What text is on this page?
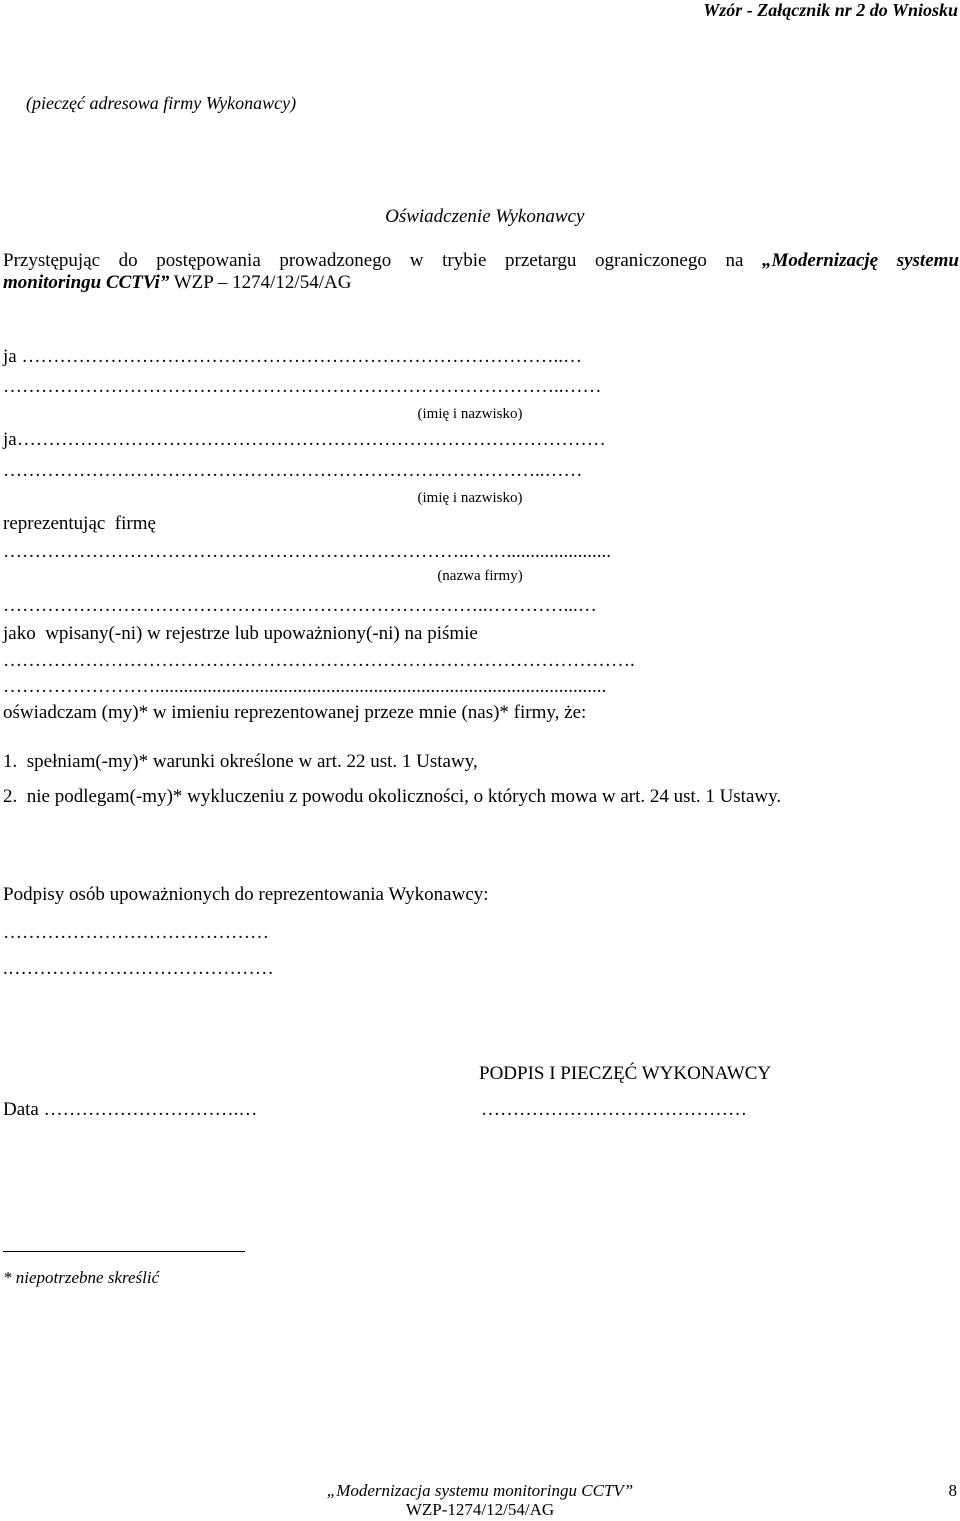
Wzór - Załącznik nr 2 do Wniosku
(pieczęć adresowa firmy Wykonawcy)

Oświadczenie Wykonawcy

Przystępując do postępowania prowadzonego w trybie przetargu ograniczonego na „Modernizację systemu
monitoringu CCTVi” WZP – 1274/12/54/AG
ja …………………………………………………………………………..…
……………………………………………………………………………..……
(imię i nazwisko)
ja…………………………………………………………………………………
…………………………………………………………………………..……
(imię i nazwisko)
reprezentując  firmę
………………………………………………………………..……......................
(nazwa firmy)
…………………………………………………………………..…………...…
jako  wpisany(-ni) w rejestrze lub upoważniony(-ni) na piśmie
……………………………………………………………………………………….
……………………...............................................................................................
oświadczam (my)* w imieniu reprezentowanej przeze mnie (nas)* firmy, że:
1.  spełniam(-my)* warunki określone w art. 22 ust. 1 Ustawy,
2.  nie podlegam(-my)* wykluczeniu z powodu okoliczności, o których mowa w art. 24 ust. 1 Ustawy.
Podpisy osób upoważnionych do reprezentowania Wykonawcy:
……………………………………
.……………………………………
PODPIS I PIECZĘĆ WYKONAWCY
Data ………………………….…	……………………………………
* niepotrzebne skreślić
„Modernizacja systemu monitoringu CCTV”
WZP-1274/12/54/AG
8
